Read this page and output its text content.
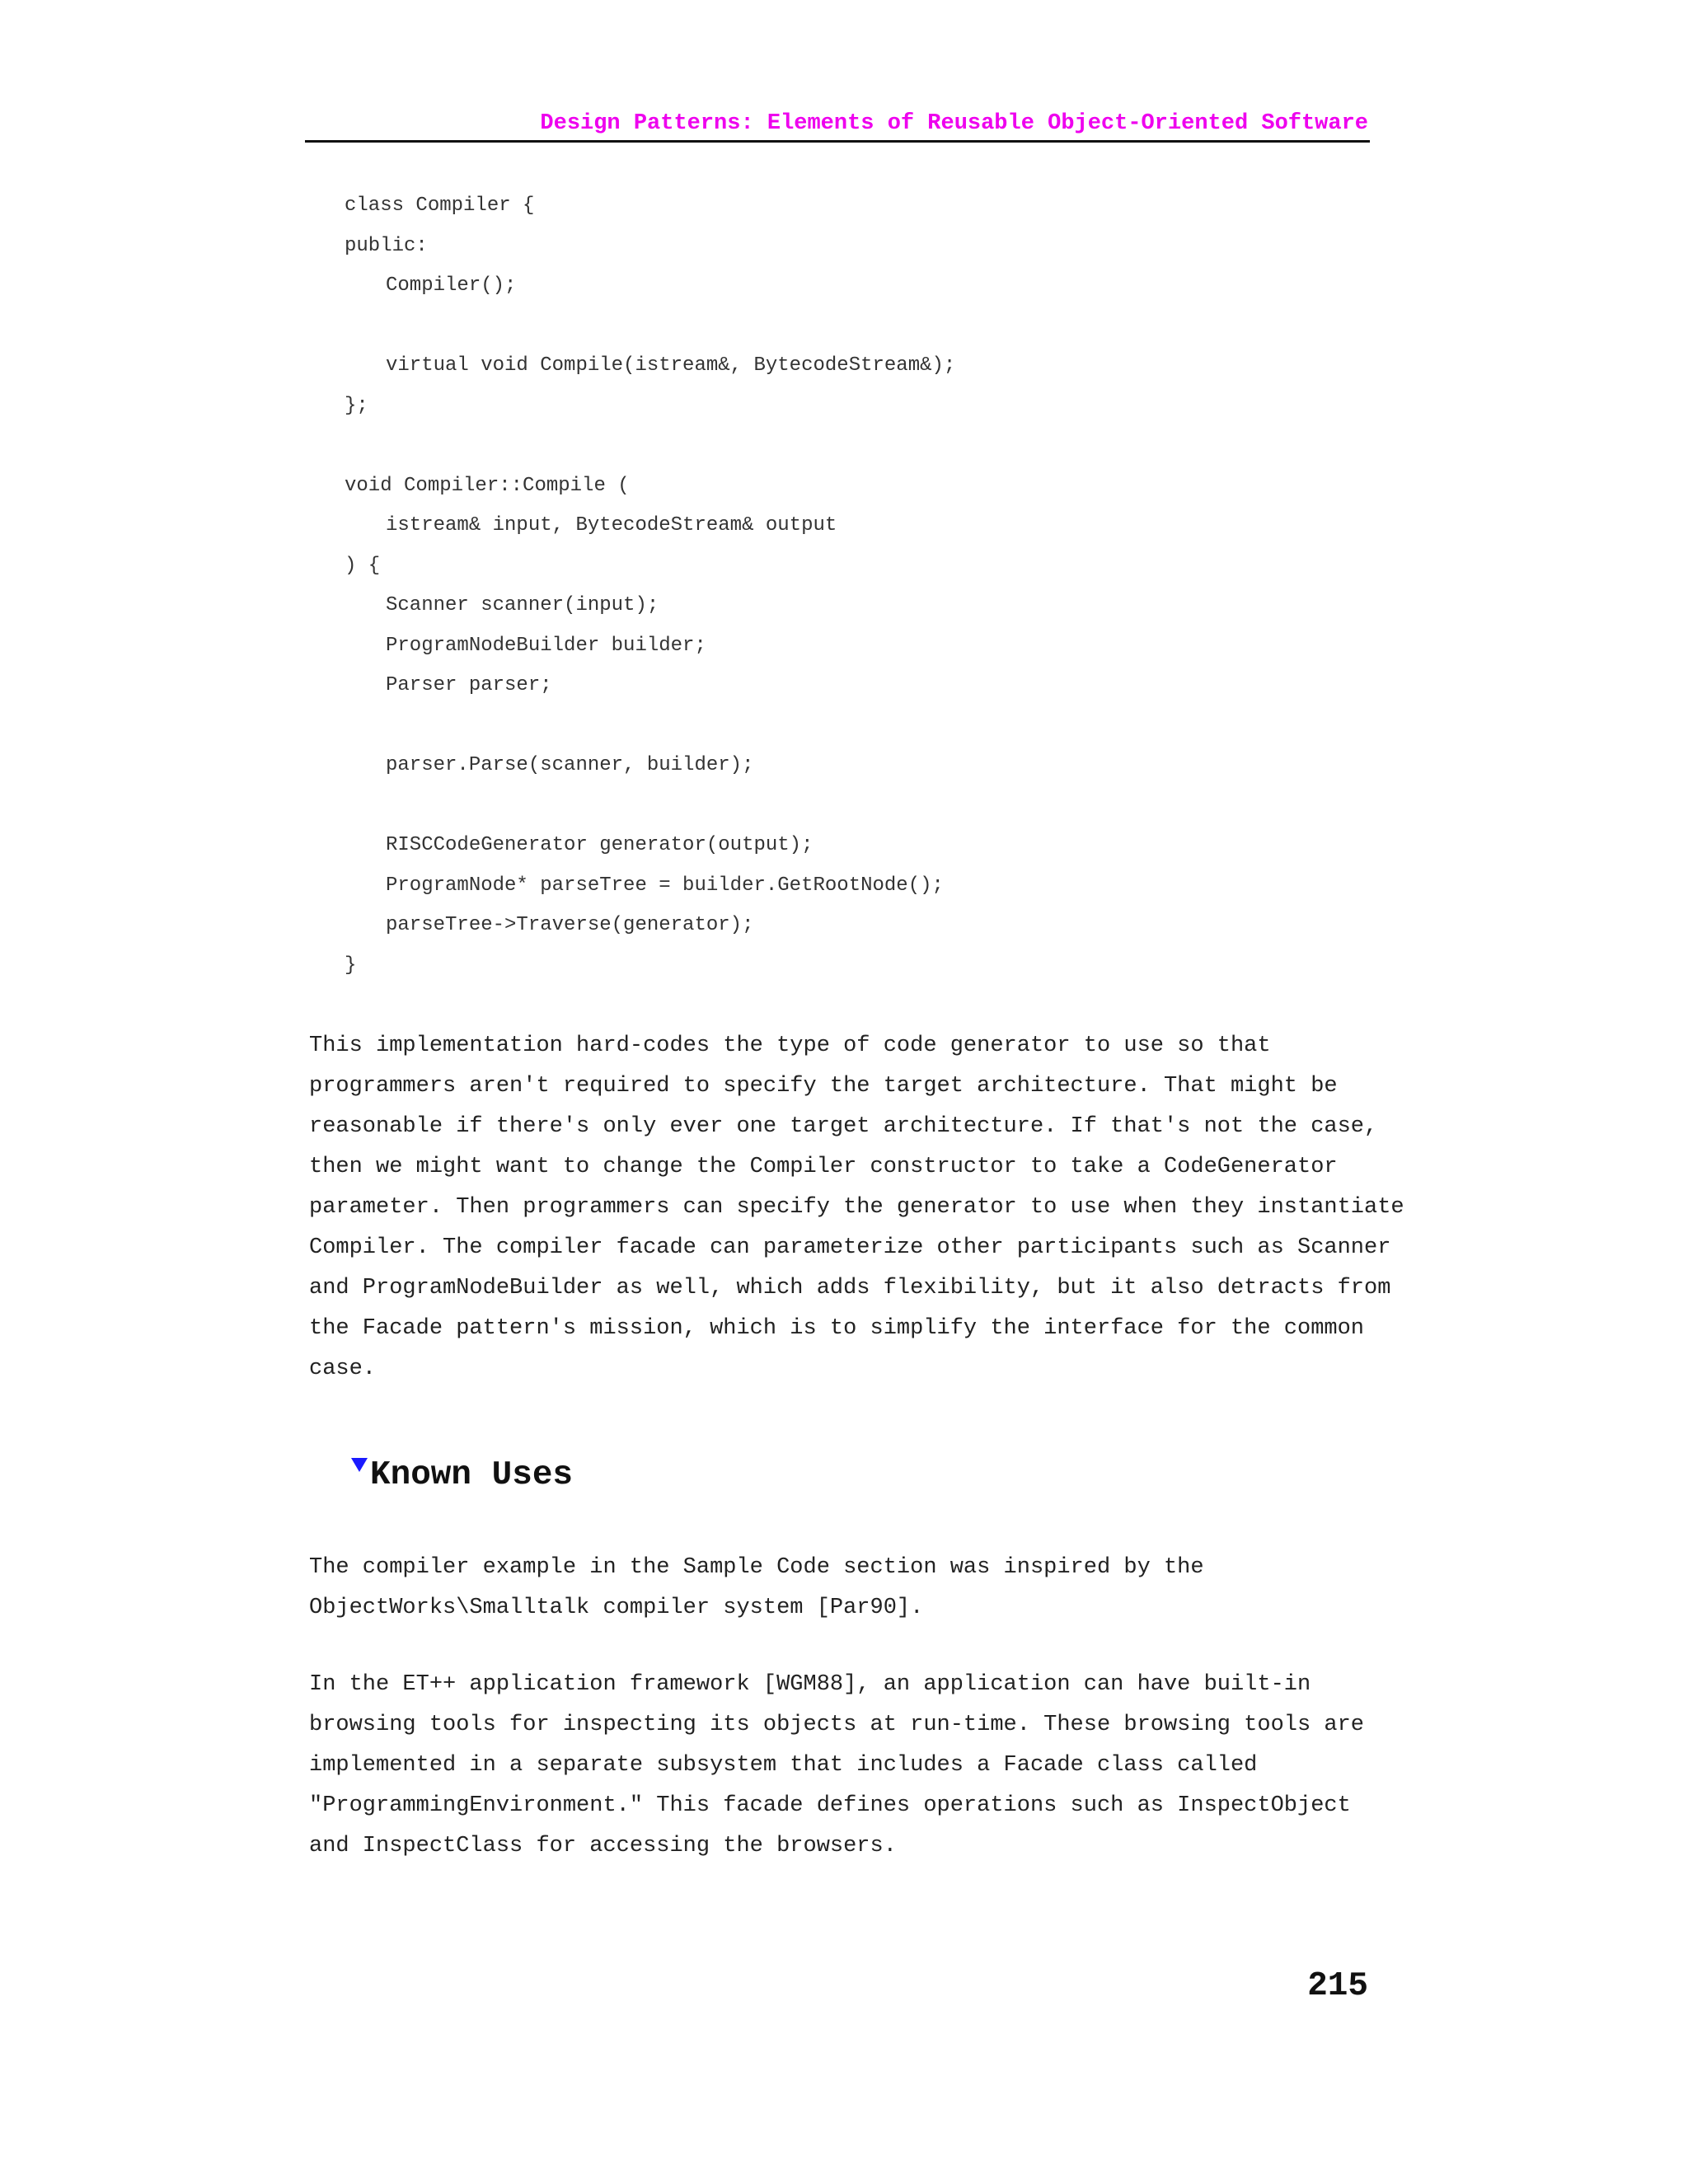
Design Patterns: Elements of Reusable Object-Oriented Software
class Compiler {
public:
Compiler();
virtual void Compile(istream&, BytecodeStream&);
};
void Compiler::Compile (
istream& input, BytecodeStream& output
) {
Scanner scanner(input);
ProgramNodeBuilder builder;
Parser parser;
parser.Parse(scanner, builder);
RISCCodeGenerator generator(output);
ProgramNode* parseTree = builder.GetRootNode();
parseTree->Traverse(generator);
}
This implementation hard-codes the type of code generator to use so that
programmers aren't required to specify the target architecture. That might be
reasonable if there's only ever one target architecture. If that's not the case,
then we might want to change the Compiler constructor to take a CodeGenerator
parameter. Then programmers can specify the generator to use when they instantiate
Compiler. The compiler facade can parameterize other participants such as Scanner
and ProgramNodeBuilder as well, which adds flexibility, but it also detracts from
the Facade pattern's mission, which is to simplify the interface for the common
case.
Known Uses
The compiler example in the Sample Code section was inspired by the
ObjectWorks\Smalltalk compiler system [Par90].
In the ET++ application framework [WGM88], an application can have built-in
browsing tools for inspecting its objects at run-time. These browsing tools are
implemented in a separate subsystem that includes a Facade class called
"ProgrammingEnvironment." This facade defines operations such as InspectObject
and InspectClass for accessing the browsers.
215
